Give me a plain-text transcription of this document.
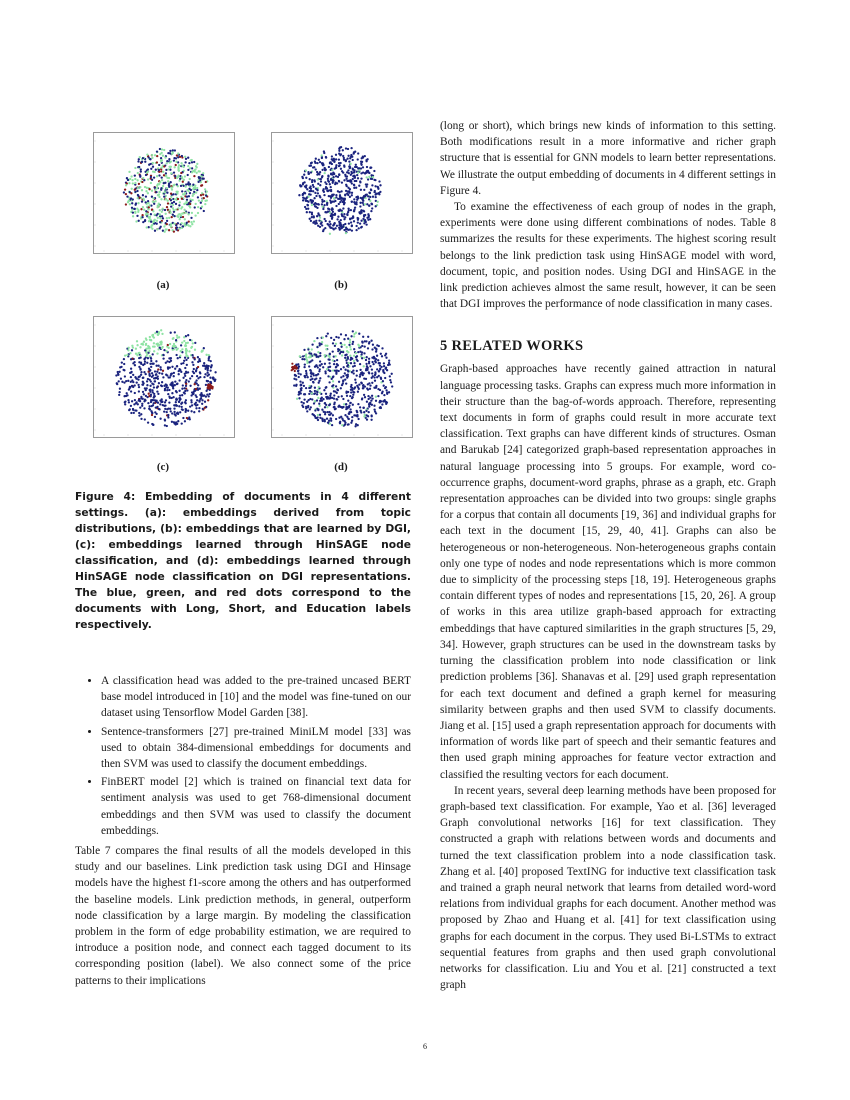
(a)	(b)
(c)	(d)

Figure 4: Embedding of documents in 4 different settings. (a): embeddings derived from topic distributions, (b): embeddings that are learned by DGI, (c): embeddings learned through HinSAGE node classification, and (d): embeddings learned through HinSAGE node classification on DGI representations. The blue, green, and red dots correspond to the documents with Long, Short, and Education labels respectively.

• A classification head was added to the pre-trained uncased BERT base model introduced in [10] and the model was fine-tuned on our dataset using Tensorflow Model Garden [38].
• Sentence-transformers [27] pre-trained MiniLM model [33] was used to obtain 384-dimensional embeddings for documents and then SVM was used to classify the document embeddings.
• FinBERT model [2] which is trained on financial text data for sentiment analysis was used to get 768-dimensional document embeddings and then SVM was used to classify the document embeddings.

Table 7 compares the final results of all the models developed in this study and our baselines. Link prediction task using DGI and Hinsage models have the highest f1-score among the others and has outperformed the baseline models. Link prediction methods, in general, outperform node classification by a large margin. By modeling the classification problem in the form of edge probability estimation, we are required to introduce a position node, and connect each tagged document to its corresponding position (label). We also connect some of the price patterns to their implications

(long or short), which brings new kinds of information to this setting. Both modifications result in a more informative and richer graph structure that is essential for GNN models to learn better representations. We illustrate the output embedding of documents in 4 different settings in Figure 4.

To examine the effectiveness of each group of nodes in the graph, experiments were done using different combinations of nodes. Table 8 summarizes the results for these experiments. The highest scoring result belongs to the link prediction task using HinSAGE model with word, document, topic, and position nodes. Using DGI and HinSAGE in the link prediction achieves almost the same result, however, it can be seen that DGI improves the performance of node classification in many cases.

5 RELATED WORKS

Graph-based approaches have recently gained attraction in natural language processing tasks. Graphs can express much more information in their structure than the bag-of-words approach. Therefore, representing text documents in form of graphs could result in more accurate text classification. Text graphs can have different kinds of structures. Osman and Barukab [24] categorized graph-based representation approaches in natural language processing into 5 groups. For example, word co-occurrence graphs, document-word graphs, phrase as a graph, etc. Graph representation approaches can be divided into two groups: single graphs for a corpus that contain all documents [19, 36] and individual graphs for each text in the document [15, 29, 40, 41]. Graphs can also be heterogeneous or non-heterogeneous. Non-heterogeneous graphs contain only one type of nodes and node representations which is more common due to simplicity of the processing steps [18, 19]. Heterogeneous graphs contain different types of nodes and representations [15, 20, 26]. A group of works in this area utilize graph-based approach for extracting embeddings that have captured similarities in the graph structures [5, 29, 34]. However, graph structures can be used in the downstream tasks by turning the classification problem into node classification or link prediction problems [36]. Shanavas et al. [29] used graph representation for each text document and defined a graph kernel for measuring similarity between graphs and then used SVM to classify documents. Jiang et al. [15] used a graph representation approach for documents with information of words like part of speech and their semantic features and then used graph mining approaches for feature vector extraction and classified the resulting vectors for each document.

In recent years, several deep learning methods have been proposed for graph-based text classification. For example, Yao et al. [36] leveraged Graph convolutional networks [16] for text classification. They constructed a graph with relations between words and documents and turned the text classification problem into a node classification task. Zhang et al. [40] proposed TextING for inductive text classification task and trained a graph neural network that learns from detailed word-word relations from individual graphs for each document. Another method was proposed by Zhao and Huang et al. [41] for text classification using graphs for each document in the corpus. They used Bi-LSTMs to extract sequential features from graphs and then used graph convolutional networks for classification. Liu and You et al. [21] constructed a text graph

6
